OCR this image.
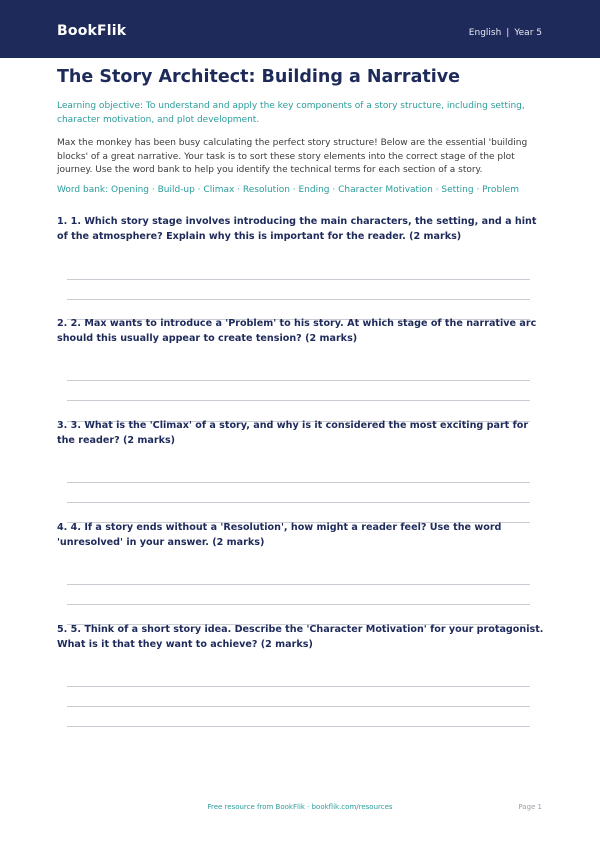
BookFlik	English | Year 5
The Story Architect: Building a Narrative

Learning objective: To understand and apply the key components of a story structure, including setting, character motivation, and plot development.

Max the monkey has been busy calculating the perfect story structure! Below are the essential 'building blocks' of a great narrative. Your task is to sort these story elements into the correct stage of the plot journey. Use the word bank to help you identify the technical terms for each section of a story.

Word bank: Opening · Build-up · Climax · Resolution · Ending · Character Motivation · Setting · Problem

1. 1. Which story stage involves introducing the main characters, the setting, and a hint of the atmosphere? Explain why this is important for the reader. (2 marks)

2. 2. Max wants to introduce a 'Problem' to his story. At which stage of the narrative arc should this usually appear to create tension? (2 marks)

3. 3. What is the 'Climax' of a story, and why is it considered the most exciting part for the reader? (2 marks)

4. 4. If a story ends without a 'Resolution', how might a reader feel? Use the word 'unresolved' in your answer. (2 marks)

5. 5. Think of a short story idea. Describe the 'Character Motivation' for your protagonist. What is it that they want to achieve? (2 marks)

Free resource from BookFlik · bookflik.com/resources	Page 1
